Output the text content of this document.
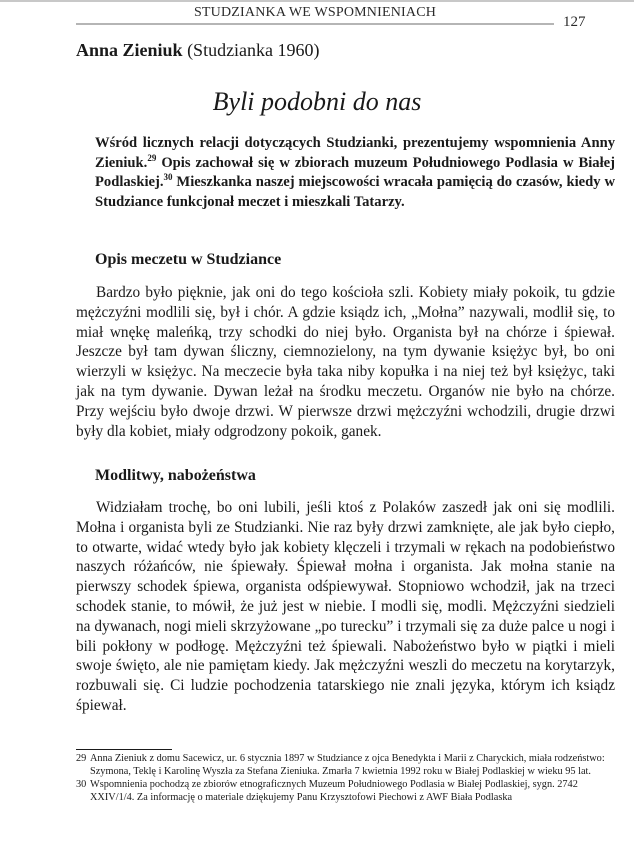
STUDZIANKA WE WSPOMNIENIACH
127
Anna Zieniuk (Studzianka 1960)
Byli podobni do nas
Wśród licznych relacji dotyczących Studzianki, prezentujemy wspomnienia Anny Zieniuk.$^{29}$ Opis zachował się w zbiorach muzeum Południowego Podlasia w Białej Podlaskiej.$^{30}$ Mieszkanka naszej miejscowości wracała pamięcią do czasów, kiedy w Studziance funkcjonał meczet i mieszkali Tatarzy.
Opis meczetu w Studziance

Bardzo było pięknie, jak oni do tego kościoła szli. Kobiety miały pokoik, tu gdzie mężczyźni modlili się, był i chór. A gdzie ksiądz ich, „Mołna” nazywali, modlił się, to miał wnękę maleńką, trzy schodki do niej było. Organista był na chórze i śpiewał. Jeszcze był tam dywan śliczny, ciemnozielony, na tym dywanie księżyc był, bo oni wierzyli w księżyc. Na meczecie była taka niby kopułka i na niej też był księżyc, taki jak na tym dywanie. Dywan leżał na środku meczetu. Organów nie było na chórze. Przy wejściu było dwoje drzwi. W pierwsze drzwi mężczyźni wchodzili, drugie drzwi były dla kobiet, miały odgrodzony pokoik, ganek.

Modlitwy, nabożeństwa

Widziałam trochę, bo oni lubili, jeśli ktoś z Polaków zaszedł jak oni się modlili. Mołna i organista byli ze Studzianki. Nie raz były drzwi zamknięte, ale jak było ciepło, to otwarte, widać wtedy było jak kobiety klęczeli i trzymali w rękach na podobieństwo naszych różańców, nie śpiewały. Śpiewał mołna i organista. Jak mołna stanie na pierwszy schodek śpiewa, organista odśpiewywał. Stopniowo wchodził, jak na trzeci schodek stanie, to mówił, że już jest w niebie. I modli się, modli. Mężczyźni siedzieli na dywanach, nogi mieli skrzyżowane „po turecku” i trzymali się za duże palce u nogi i bili pokłony w podłogę. Mężczyźni też śpiewali. Nabożeństwo było w piątki i mieli swoje święto, ale nie pamiętam kiedy. Jak mężczyźni weszli do meczetu na korytarzyk, rozbuwali się. Ci ludzie pochodzenia tatarskiego nie znali języka, którym ich ksiądz śpiewał.

29 Anna Zieniuk z domu Sacewicz, ur. 6 stycznia 1897 w Studziance z ojca Benedykta i Marii z Charyckich, miała rodzeństwo: Szymona, Teklę i Karolinę Wyszła za Stefana Zieniuka. Zmarła 7 kwietnia 1992 roku w Białej Podlaskiej w wieku 95 lat.
30 Wspomnienia pochodzą ze zbiorów etnograficznych Muzeum Południowego Podlasia w Białej Podlaskiej, sygn. 2742 XXIV/1/4. Za informację o materiale dziękujemy Panu Krzysztofowi Piechowi z AWF Biała Podlaska
